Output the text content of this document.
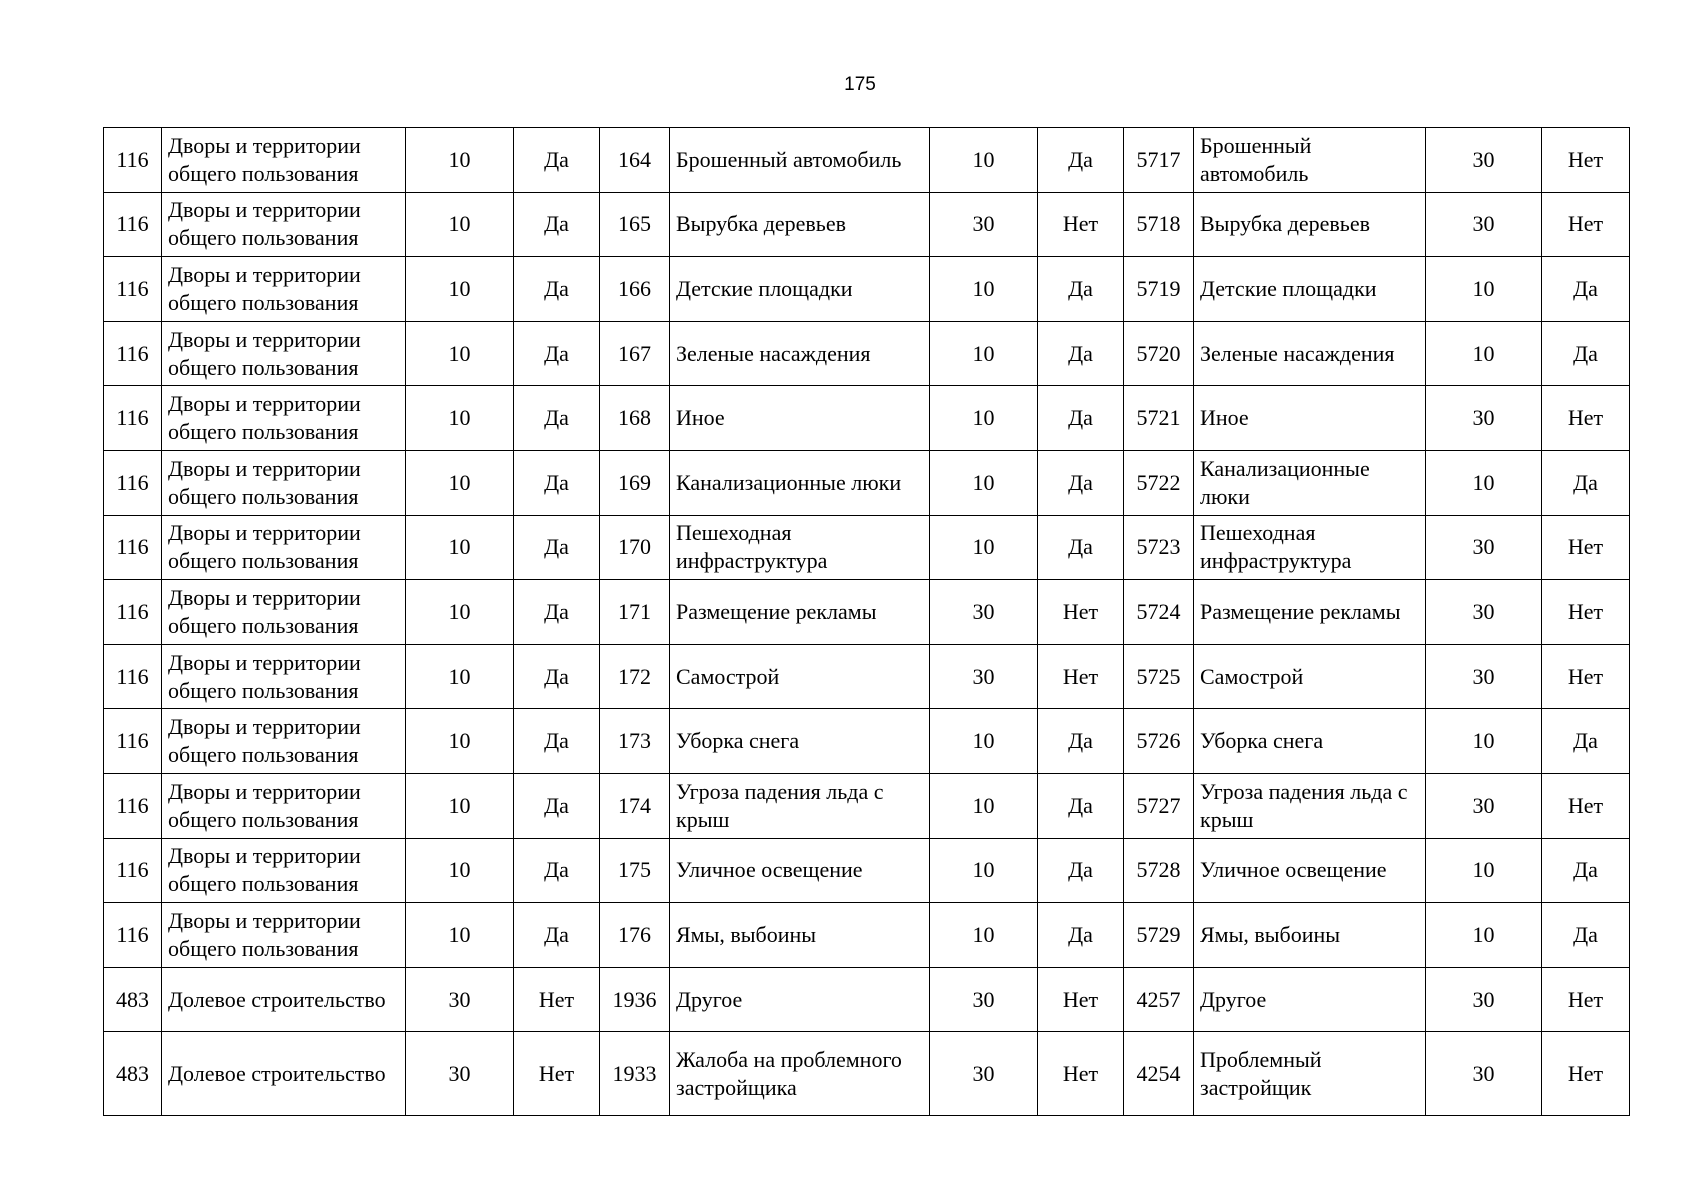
175
116	Дворы и территории общего пользования	10	Да	164	Брошенный автомобиль	10	Да	5717	Брошенный автомобиль	30	Нет
116	Дворы и территории общего пользования	10	Да	165	Вырубка деревьев	30	Нет	5718	Вырубка деревьев	30	Нет
116	Дворы и территории общего пользования	10	Да	166	Детские площадки	10	Да	5719	Детские площадки	10	Да
116	Дворы и территории общего пользования	10	Да	167	Зеленые насаждения	10	Да	5720	Зеленые насаждения	10	Да
116	Дворы и территории общего пользования	10	Да	168	Иное	10	Да	5721	Иное	30	Нет
116	Дворы и территории общего пользования	10	Да	169	Канализационные люки	10	Да	5722	Канализационные люки	10	Да
116	Дворы и территории общего пользования	10	Да	170	Пешеходная инфраструктура	10	Да	5723	Пешеходная инфраструктура	30	Нет
116	Дворы и территории общего пользования	10	Да	171	Размещение рекламы	30	Нет	5724	Размещение рекламы	30	Нет
116	Дворы и территории общего пользования	10	Да	172	Самострой	30	Нет	5725	Самострой	30	Нет
116	Дворы и территории общего пользования	10	Да	173	Уборка снега	10	Да	5726	Уборка снега	10	Да
116	Дворы и территории общего пользования	10	Да	174	Угроза падения льда с крыш	10	Да	5727	Угроза падения льда с крыш	30	Нет
116	Дворы и территории общего пользования	10	Да	175	Уличное освещение	10	Да	5728	Уличное освещение	10	Да
116	Дворы и территории общего пользования	10	Да	176	Ямы, выбоины	10	Да	5729	Ямы, выбоины	10	Да
483	Долевое строительство	30	Нет	1936	Другое	30	Нет	4257	Другое	30	Нет
483	Долевое строительство	30	Нет	1933	Жалоба на проблемного застройщика	30	Нет	4254	Проблемный застройщик	30	Нет
